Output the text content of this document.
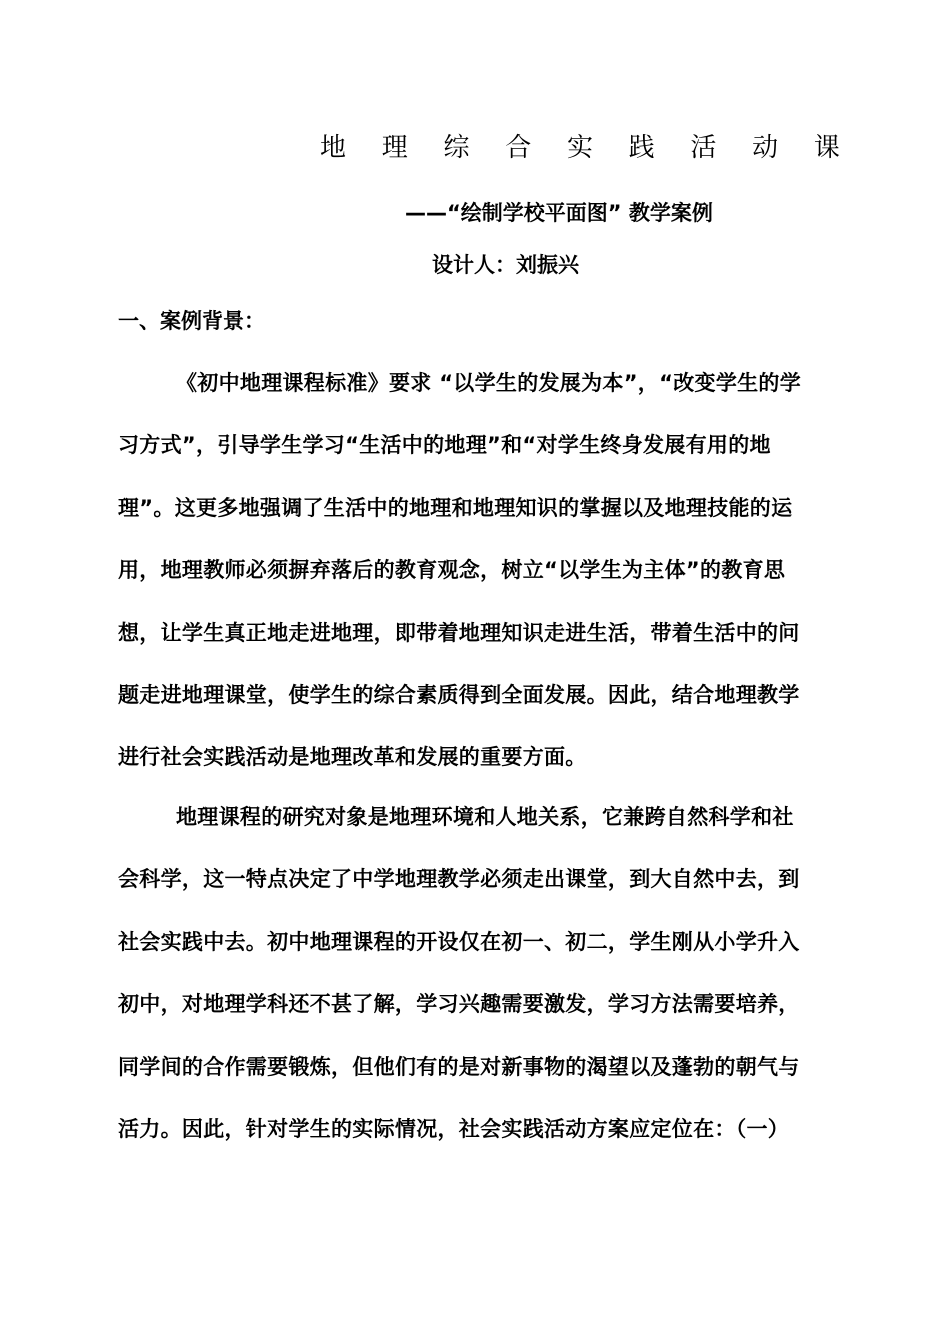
地 理 综 合 实 践 活 动 课
——“绘制学校平面图” 教学案例
设计人：刘振兴
一、案例背景：
《初中地理课程标准》要求 “以学生的发展为本”，“改变学生的学
习方式”，引导学生学习“生活中的地理”和“对学生终身发展有用的地
理”。这更多地强调了生活中的地理和地理知识的掌握以及地理技能的运
用，地理教师必须摒弃落后的教育观念，树立“以学生为主体”的教育思
想，让学生真正地走进地理，即带着地理知识走进生活，带着生活中的问
题走进地理课堂，使学生的综合素质得到全面发展。因此，结合地理教学
进行社会实践活动是地理改革和发展的重要方面。
地理课程的研究对象是地理环境和人地关系，它兼跨自然科学和社
会科学，这一特点决定了中学地理教学必须走出课堂，到大自然中去，到
社会实践中去。初中地理课程的开设仅在初一、初二，学生刚从小学升入
初中，对地理学科还不甚了解，学习兴趣需要激发，学习方法需要培养，
同学间的合作需要锻炼，但他们有的是对新事物的渴望以及蓬勃的朝气与
活力。因此，针对学生的实际情况，社会实践活动方案应定位在：（一）
